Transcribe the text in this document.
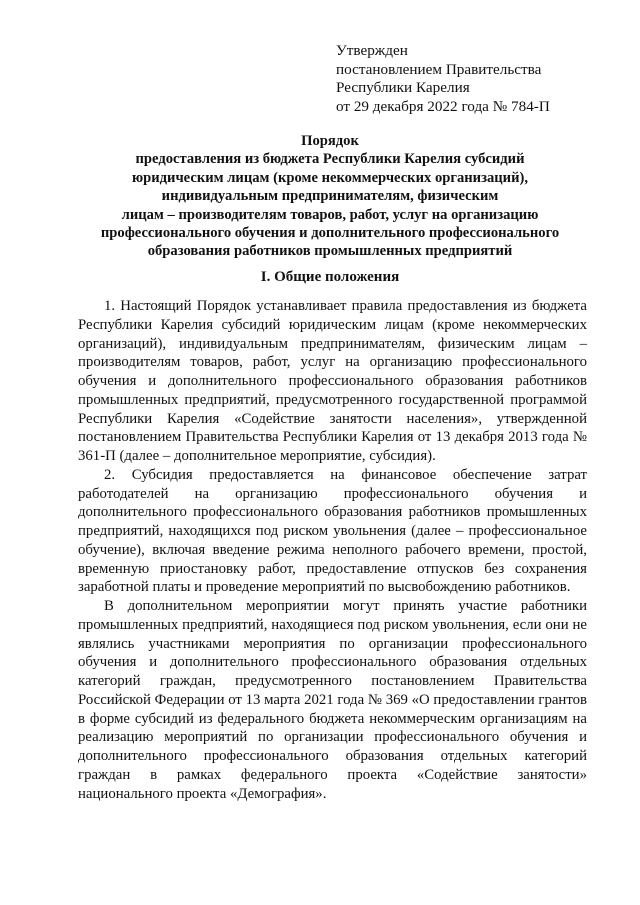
Утвержден
постановлением Правительства
Республики Карелия
от 29 декабря 2022 года № 784-П
Порядок
предоставления из бюджета Республики Карелия субсидий
юридическим лицам (кроме некоммерческих организаций),
индивидуальным предпринимателям, физическим
лицам – производителям товаров, работ, услуг на организацию
профессионального обучения и дополнительного профессионального
образования работников промышленных предприятий
I. Общие положения

1. Настоящий Порядок устанавливает правила предоставления из бюджета Республики Карелия субсидий юридическим лицам (кроме некоммерческих организаций), индивидуальным предпринимателям, физическим лицам – производителям товаров, работ, услуг на организацию профессионального обучения и дополнительного профессионального образования работников промышленных предприятий, предусмотренного государственной программой Республики Карелия «Содействие занятости населения», утвержденной постановлением Правительства Республики Карелия от 13 декабря 2013 года № 361-П (далее – дополнительное мероприятие, субсидия).

2. Субсидия предоставляется на финансовое обеспечение затрат работодателей на организацию профессионального обучения и дополнительного профессионального образования работников промышленных предприятий, находящихся под риском увольнения (далее – профессиональное обучение), включая введение режима неполного рабочего времени, простой, временную приостановку работ, предоставление отпусков без сохранения заработной платы и проведение мероприятий по высвобождению работников.

В дополнительном мероприятии могут принять участие работники промышленных предприятий, находящиеся под риском увольнения, если они не являлись участниками мероприятия по организации профессионального обучения и дополнительного профессионального образования отдельных категорий граждан, предусмотренного постановлением Правительства Российской Федерации от 13 марта 2021 года № 369 «О предоставлении грантов в форме субсидий из федерального бюджета некоммерческим организациям на реализацию мероприятий по организации профессионального обучения и дополнительного профессионального образования отдельных категорий граждан в рамках федерального проекта «Содействие занятости» национального проекта «Демография».
